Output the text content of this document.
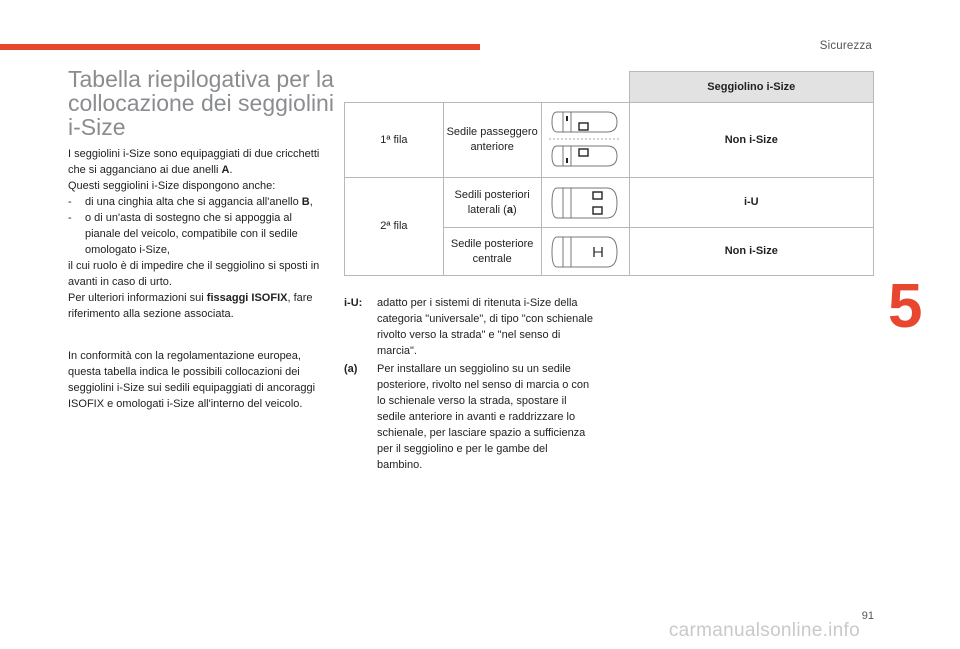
Sicurezza
5
Tabella riepilogativa per la collocazione dei seggiolini i-Size

I seggiolini i-Size sono equipaggiati di due cricchetti che si agganciano ai due anelli A.

Questi seggiolini i-Size dispongono anche:

- di una cinghia alta che si aggancia all'anello B,

- o di un'asta di sostegno che si appoggia al pianale del veicolo, compatibile con il sedile omologato i-Size,

il cui ruolo è di impedire che il seggiolino si sposti in avanti in caso di urto.

Per ulteriori informazioni sui fissaggi ISOFIX, fare riferimento alla sezione associata.

In conformità con la regolamentazione europea, questa tabella indica le possibili collocazioni dei seggiolini i-Size sui sedili equipaggiati di ancoraggi ISOFIX e omologati i-Size all'interno del veicolo.
			Seggiolino i-Size
1ª fila	Sedile passeggero anteriore		Non i-Size
2ª fila	Sedili posteriori laterali (a)		i-U
	Sedile posteriore centrale		Non i-Size
i-U: adatto per i sistemi di ritenuta i-Size della categoria "universale", di tipo "con schienale rivolto verso la strada" e "nel senso di marcia".
(a) Per installare un seggiolino su un sedile posteriore, rivolto nel senso di marcia o con lo schienale verso la strada, spostare il sedile anteriore in avanti e raddrizzare lo schienale, per lasciare spazio a sufficienza per il seggiolino e per le gambe del bambino.
91
carmanualsonline.info
